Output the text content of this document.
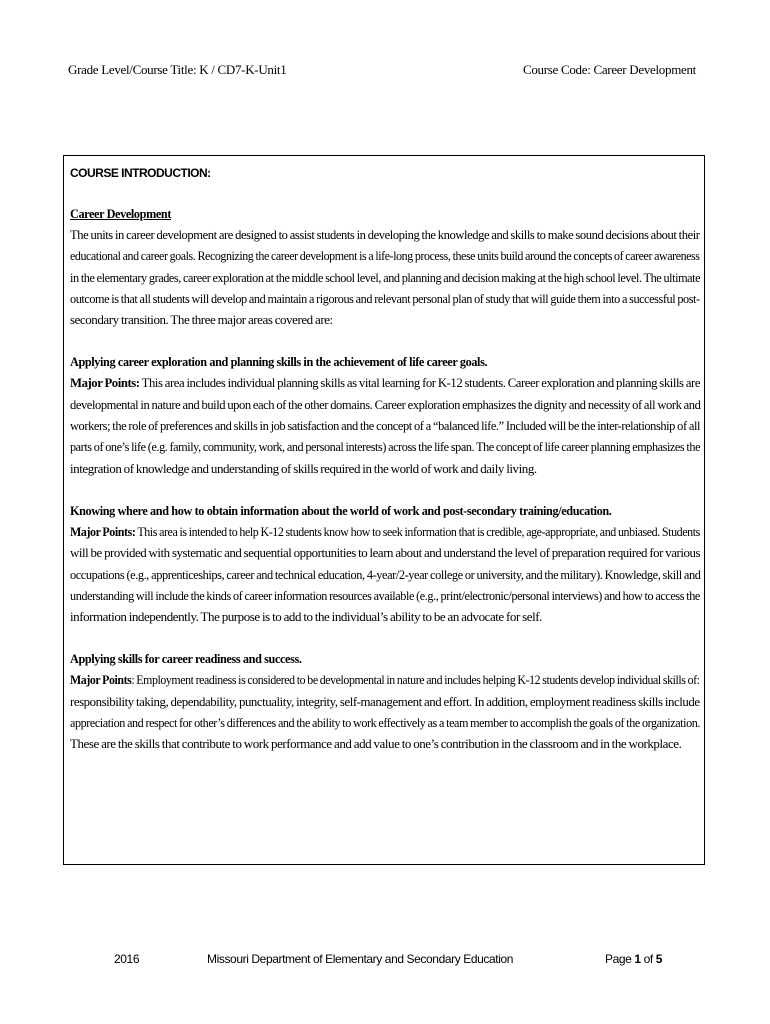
Grade Level/Course Title: K / CD7-K-Unit1	Course Code: Career Development
COURSE INTRODUCTION:
Career Development
The units in career development are designed to assist students in developing the knowledge and skills to make sound decisions about their
educational and career goals. Recognizing the career development is a life-long process, these units build around the concepts of career awareness
in the elementary grades, career exploration at the middle school level, and planning and decision making at the high school level. The ultimate
outcome is that all students will develop and maintain a rigorous and relevant personal plan of study that will guide them into a successful post-
secondary transition. The three major areas covered are:
Applying career exploration and planning skills in the achievement of life career goals.
Major Points: This area includes individual planning skills as vital learning for K-12 students. Career exploration and planning skills are
developmental in nature and build upon each of the other domains. Career exploration emphasizes the dignity and necessity of all work and
workers; the role of preferences and skills in job satisfaction and the concept of a “balanced life.” Included will be the inter-relationship of all
parts of one’s life (e.g. family, community, work, and personal interests) across the life span. The concept of life career planning emphasizes the
integration of knowledge and understanding of skills required in the world of work and daily living.
Knowing where and how to obtain information about the world of work and post-secondary training/education.
Major Points: This area is intended to help K-12 students know how to seek information that is credible, age-appropriate, and unbiased. Students
will be provided with systematic and sequential opportunities to learn about and understand the level of preparation required for various
occupations (e.g., apprenticeships, career and technical education, 4-year/2-year college or university, and the military). Knowledge, skill and
understanding will include the kinds of career information resources available (e.g., print/electronic/personal interviews) and how to access the
information independently. The purpose is to add to the individual’s ability to be an advocate for self.
Applying skills for career readiness and success.
Major Points: Employment readiness is considered to be developmental in nature and includes helping K-12 students develop individual skills of:
responsibility taking, dependability, punctuality, integrity, self-management and effort. In addition, employment readiness skills include
appreciation and respect for other’s differences and the ability to work effectively as a team member to accomplish the goals of the organization.
These are the skills that contribute to work performance and add value to one’s contribution in the classroom and in the workplace.
2016	Missouri Department of Elementary and Secondary Education	Page 1 of 5
